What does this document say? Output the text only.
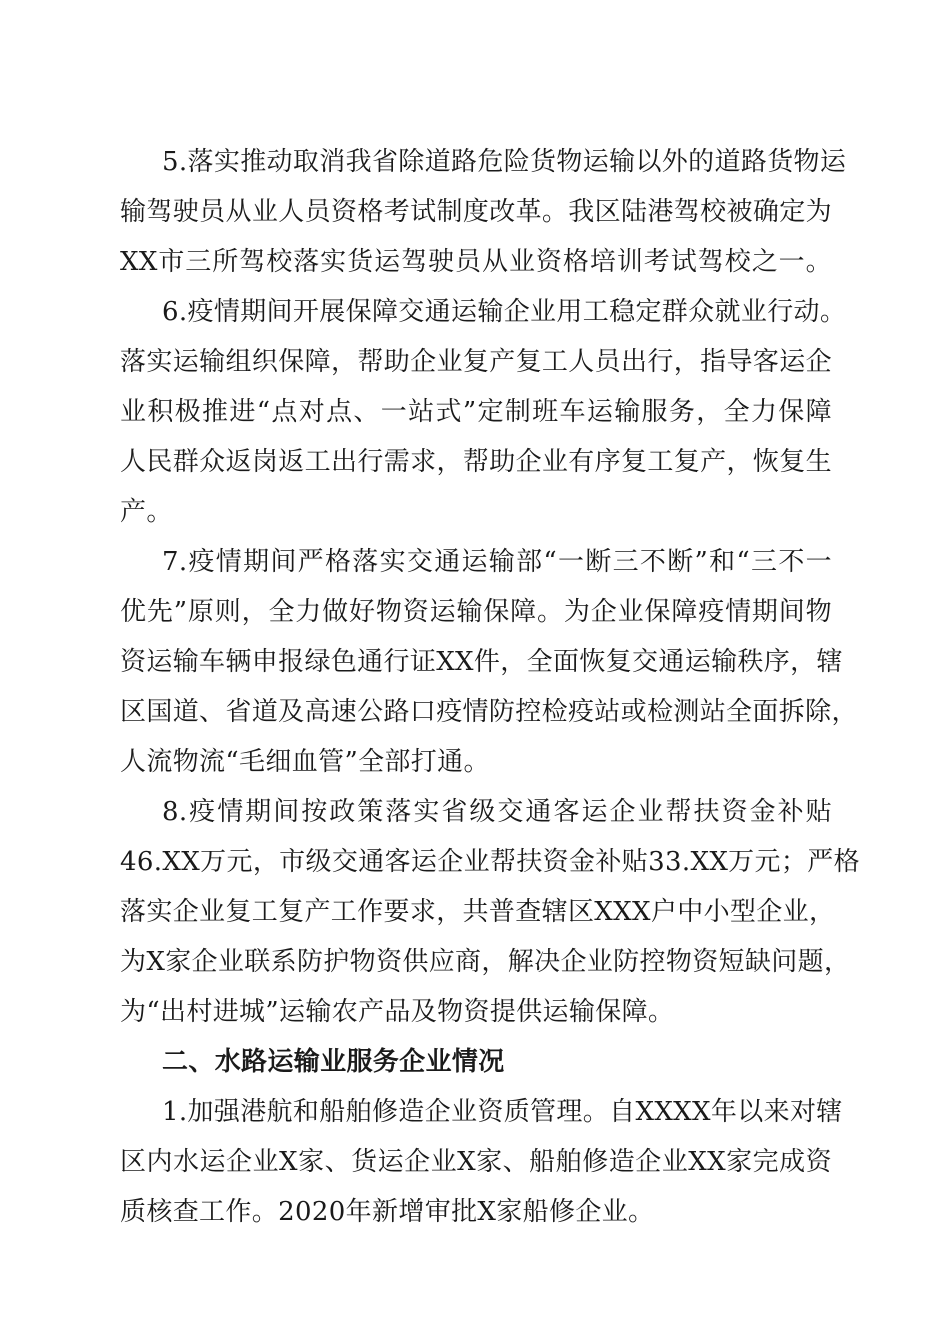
5.落实推动取消我省除道路危险货物运输以外的道路货物运
输驾驶员从业人员资格考试制度改革。我区陆港驾校被确定为
XX市三所驾校落实货运驾驶员从业资格培训考试驾校之一。
6.疫情期间开展保障交通运输企业用工稳定群众就业行动。
落实运输组织保障，帮助企业复产复工人员出行，指导客运企
业积极推进“点对点、一站式”定制班车运输服务，全力保障
人民群众返岗返工出行需求，帮助企业有序复工复产，恢复生
产。
7.疫情期间严格落实交通运输部“一断三不断”和“三不一
优先”原则，全力做好物资运输保障。为企业保障疫情期间物
资运输车辆申报绿色通行证XX件，全面恢复交通运输秩序，辖
区国道、省道及高速公路口疫情防控检疫站或检测站全面拆除，
人流物流“毛细血管”全部打通。
8.疫情期间按政策落实省级交通客运企业帮扶资金补贴
46.XX万元，市级交通客运企业帮扶资金补贴33.XX万元；严格
落实企业复工复产工作要求，共普查辖区XXX户中小型企业，
为X家企业联系防护物资供应商，解决企业防控物资短缺问题，
为“出村进城”运输农产品及物资提供运输保障。
二、水路运输业服务企业情况
1.加强港航和船舶修造企业资质管理。自XXXX年以来对辖
区内水运企业X家、货运企业X家、船舶修造企业XX家完成资
质核查工作。2020年新增审批X家船修企业。
